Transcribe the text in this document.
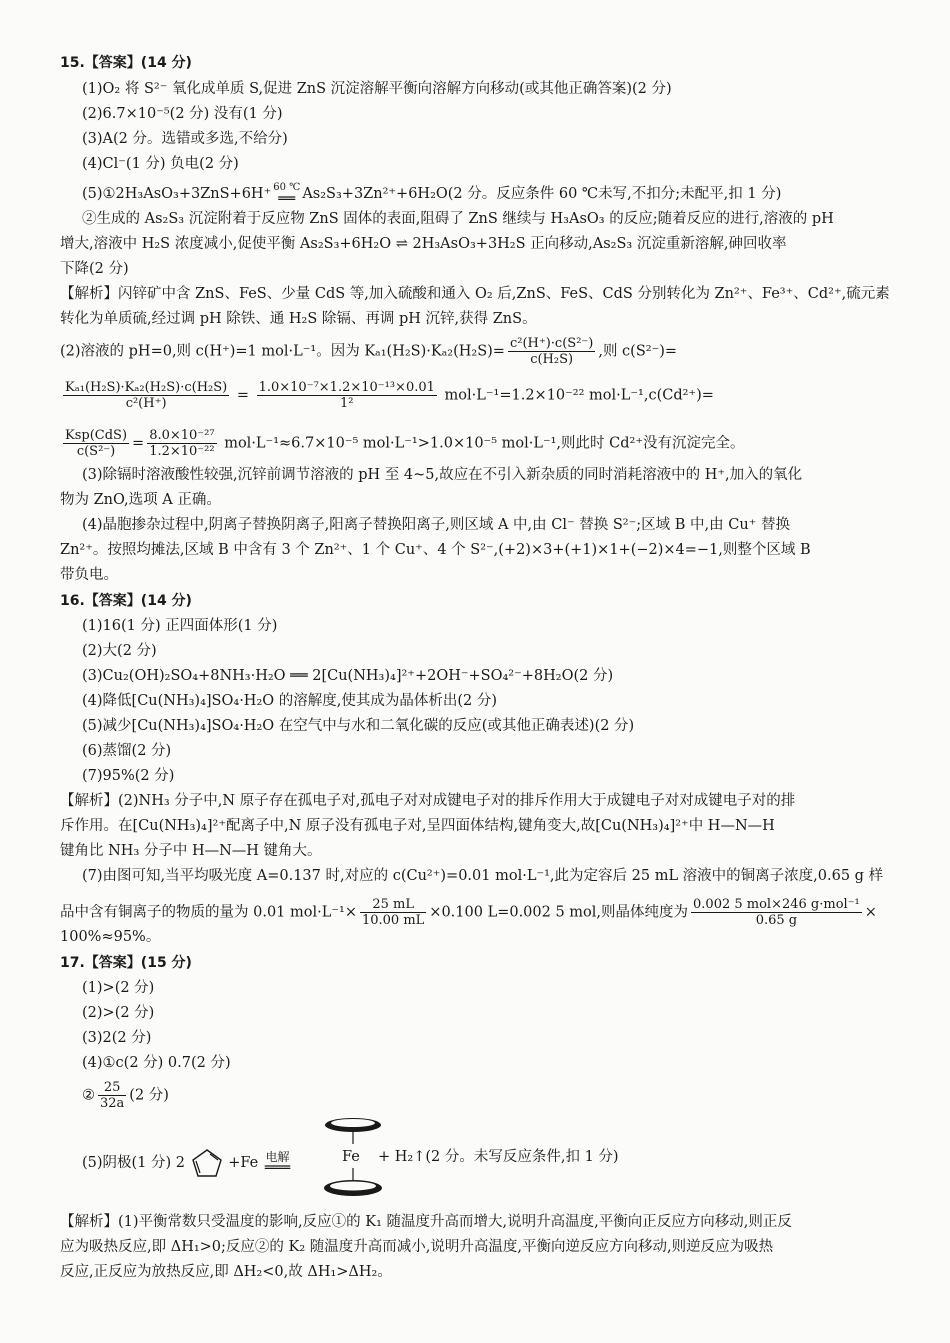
15.【答案】(14 分)
(1)O₂ 将 S²⁻ 氧化成单质 S,促进 ZnS 沉淀溶解平衡向溶解方向移动(或其他正确答案)(2 分)
(2)6.7×10⁻⁵(2 分) 没有(1 分)
(3)A(2 分。选错或多选,不给分)
(4)Cl⁻(1 分) 负电(2 分)
(5)①2H₃AsO₃+3ZnS+6H⁺ 60 ℃
══ As₂S₃+3Zn²⁺+6H₂O(2 分。反应条件 60 ℃未写,不扣分;未配平,扣 1 分)
②生成的 As₂S₃ 沉淀附着于反应物 ZnS 固体的表面,阻碍了 ZnS 继续与 H₃AsO₃ 的反应;随着反应的进行,溶液的 pH
增大,溶液中 H₂S 浓度减小,促使平衡 As₂S₃+6H₂O ⇌ 2H₃AsO₃+3H₂S 正向移动,As₂S₃ 沉淀重新溶解,砷回收率
下降(2 分)
【解析】闪锌矿中含 ZnS、FeS、少量 CdS 等,加入硫酸和通入 O₂ 后,ZnS、FeS、CdS 分别转化为 Zn²⁺、Fe³⁺、Cd²⁺,硫元素
转化为单质硫,经过调 pH 除铁、通 H₂S 除镉、再调 pH 沉锌,获得 ZnS。
(2)溶液的 pH=0,则 c(H⁺)=1 mol·L⁻¹。因为 $K_{a1}(H_2S)\cdot K_{a2}(H_2S)= \frac{\text{c²(H⁺)·c(S²⁻)}}{\text{c(H₂S)}}$ ,则 c(S²⁻)=
$\frac{\text{Kₐ₁(H₂S)·Kₐ₂(H₂S)·c(H₂S)}}{\text{c²(H⁺)}} = \frac{\text{1.0×10⁻⁷×1.2×10⁻¹³×0.01}}{\text{1²}} mol\cdot L^{-1}=1.2\times 10^{-22}$ mol·L⁻¹,c(Cd²⁺)=
$\frac{\text{Ksp(CdS)}}{\text{c(S²⁻)}} = \frac{\text{8.0×10⁻²⁷}}{\text{1.2×10⁻²²}} mol\cdot L^{-1}\approx 6.7\times 10^{-5}$ mol·L⁻¹>1.0×10⁻⁵ mol·L⁻¹,则此时 Cd²⁺没有沉淀完全。
(3)除镉时溶液酸性较强,沉锌前调节溶液的 pH 至 4~5,故应在不引入新杂质的同时消耗溶液中的 H⁺,加入的氧化
物为 ZnO,选项 A 正确。
(4)晶胞掺杂过程中,阴离子替换阴离子,阳离子替换阳离子,则区域 A 中,由 Cl⁻ 替换 S²⁻;区域 B 中,由 Cu⁺ 替换
Zn²⁺。按照均摊法,区域 B 中含有 3 个 Zn²⁺、1 个 Cu⁺、4 个 S²⁻,(+2)×3+(+1)×1+(−2)×4=−1,则整个区域 B
带负电。
16.【答案】(14 分)
(1)16(1 分) 正四面体形(1 分)
(2)大(2 分)
(3)Cu₂(OH)₂SO₄+8NH₃·H₂O ══ 2[Cu(NH₃)₄]²⁺+2OH⁻+SO₄²⁻+8H₂O(2 分)
(4)降低[Cu(NH₃)₄]SO₄·H₂O 的溶解度,使其成为晶体析出(2 分)
(5)减少[Cu(NH₃)₄]SO₄·H₂O 在空气中与水和二氧化碳的反应(或其他正确表述)(2 分)
(6)蒸馏(2 分)
(7)95%(2 分)
【解析】(2)NH₃ 分子中,N 原子存在孤电子对,孤电子对对成键电子对的排斥作用大于成键电子对对成键电子对的排
斥作用。在[Cu(NH₃)₄]²⁺配离子中,N 原子没有孤电子对,呈四面体结构,键角变大,故[Cu(NH₃)₄]²⁺中 H—N—H
键角比 NH₃ 分子中 H—N—H 键角大。
(7)由图可知,当平均吸光度 A=0.137 时,对应的 c(Cu²⁺)=0.01 mol·L⁻¹,此为定容后 25 mL 溶液中的铜离子浓度,0.65 g 样
品中含有铜离子的物质的量为 0.01 $mol\cdot L^{-1}\times \frac{25 mL}{10.00 mL} \times 0.100$ L=0.002 5 mol,则晶体纯度为 $\frac{\text{0.002 5 mol×246 g·mol⁻¹}}{0.65 g}$ ×
100%≈95%。
17.【答案】(15 分)
(1)>(2 分)
(2)>(2 分)
(3)2(2 分)
(4)①c(2 分) 0.7(2 分)
② $\frac{25}{32a} (2$ 分)
(5)阴极(1 分) 2	+Fe 电解
═══
Fe + H₂↑(2 分。未写反应条件,扣 1 分)
【解析】(1)平衡常数只受温度的影响,反应①的 K₁ 随温度升高而增大,说明升高温度,平衡向正反应方向移动,则正反
应为吸热反应,即 ΔH₁>0;反应②的 K₂ 随温度升高而减小,说明升高温度,平衡向逆反应方向移动,则逆反应为吸热
反应,正反应为放热反应,即 ΔH₂<0,故 ΔH₁>ΔH₂。
